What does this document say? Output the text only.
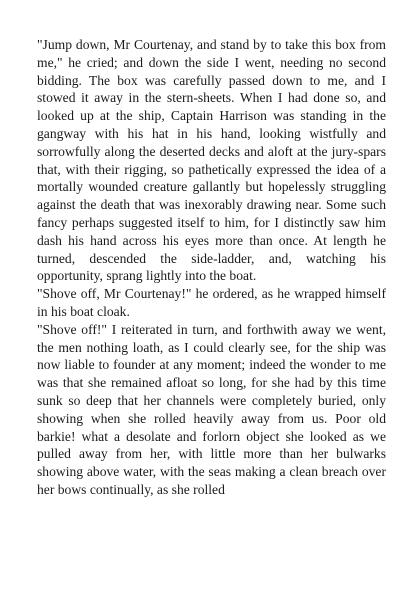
"Jump down, Mr Courtenay, and stand by to take this box from me," he cried; and down the side I went, needing no second bidding. The box was carefully passed down to me, and I stowed it away in the stern-sheets. When I had done so, and looked up at the ship, Captain Harrison was standing in the gangway with his hat in his hand, looking wistfully and sorrowfully along the deserted decks and aloft at the jury-spars that, with their rigging, so pathetically expressed the idea of a mortally wounded creature gallantly but hopelessly struggling against the death that was inexorably drawing near. Some such fancy perhaps suggested itself to him, for I distinctly saw him dash his hand across his eyes more than once. At length he turned, descended the side-ladder, and, watching his opportunity, sprang lightly into the boat.

"Shove off, Mr Courtenay!" he ordered, as he wrapped himself in his boat cloak.

"Shove off!" I reiterated in turn, and forthwith away we went, the men nothing loath, as I could clearly see, for the ship was now liable to founder at any moment; indeed the wonder to me was that she remained afloat so long, for she had by this time sunk so deep that her channels were completely buried, only showing when she rolled heavily away from us. Poor old barkie! what a desolate and forlorn object she looked as we pulled away from her, with little more than her bulwarks showing above water, with the seas making a clean breach over her bows continually, as she rolled
